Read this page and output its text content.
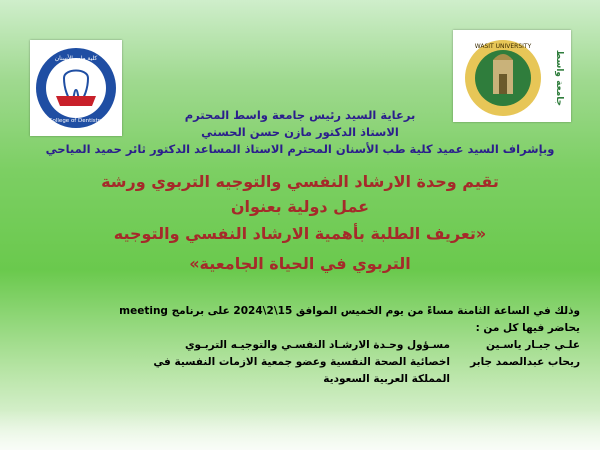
كلية طب الأسنان
College of Dentistry
WASIT UNIVERSITY
جامعة واسط
برعاية السيد رئيس جامعة واسط المحترم
الاستاذ الدكتور مازن حسن الحسني
وبإشراف السيد عميد كلية طب الأسنان المحترم الاستاذ المساعد الدكتور ثائر حميد المياحي
تقيم وحدة الارشاد النفسي والتوجيه التربوي ورشة
عمل دولية بعنوان
«تعريف الطلبة بأهمية الارشاد النفسي والتوجيه
التربوي في الحياة الجامعية»
وذلك في الساعة الثامنة مساءً من يوم الخميس الموافق 15\2\2024 على برنامج meeting
يحاضر فيها كل من :
علـي جبـار ياسـين
مسـؤول وحـدة الارشـاد النفسـي والتوجيـه التربـوي
ريحاب عبدالصمد جابر
اخصائية الصحة النفسية وعضو جمعية الازمات النفسية في
المملكة العربية السعودية
